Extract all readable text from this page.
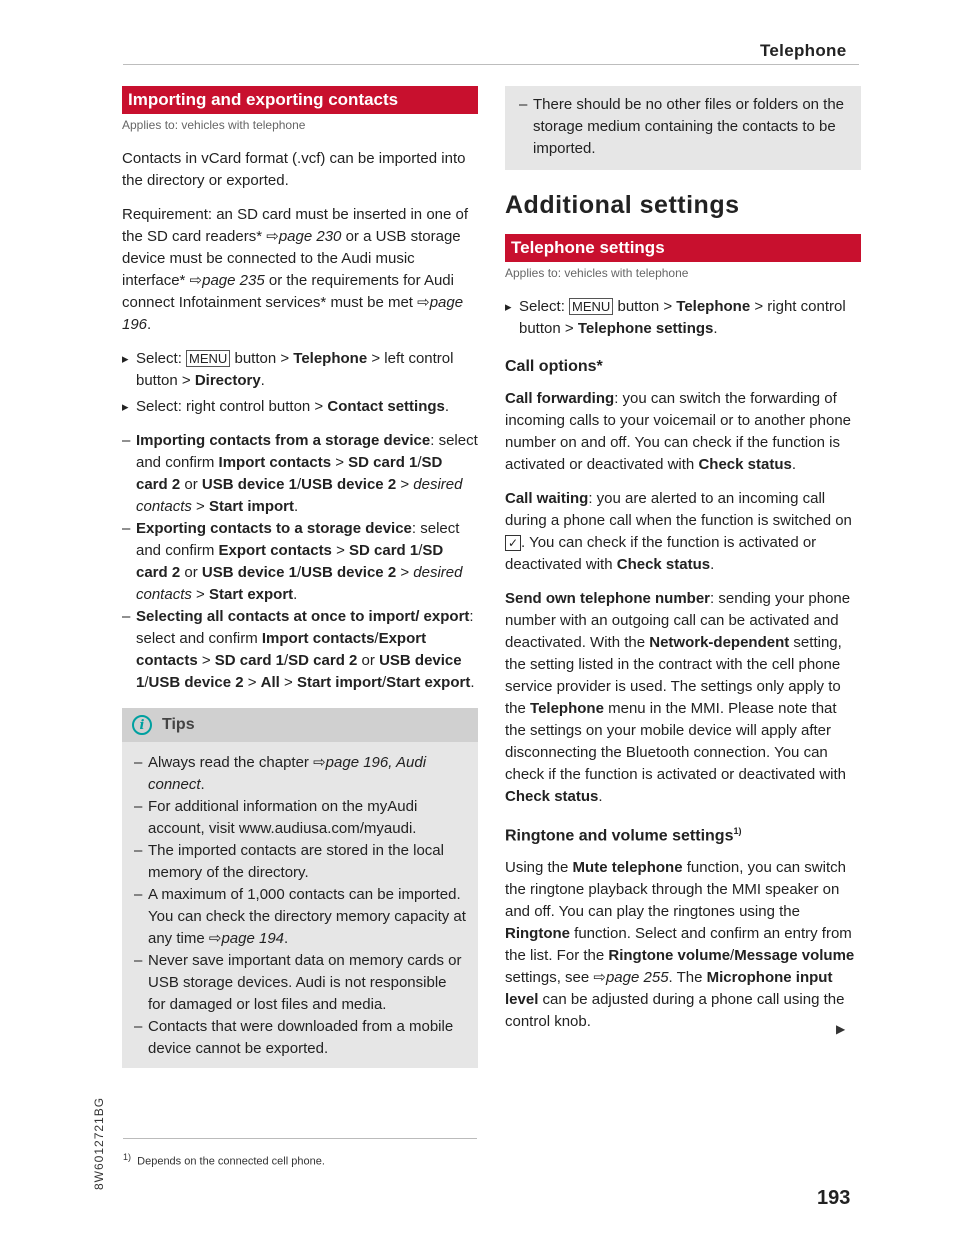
Telephone
Importing and exporting contacts
Applies to: vehicles with telephone

Contacts in vCard format (.vcf) can be imported into the directory or exported.

Requirement: an SD card must be inserted in one of the SD card readers* ⇨page 230 or a USB storage device must be connected to the Audi music interface* ⇨page 235 or the requirements for Audi connect Infotainment services* must be met ⇨page 196.

▸ Select: MENU button > Telephone > left control button > Directory.
▸ Select: right control button > Contact settings.
– Importing contacts from a storage device: select and confirm Import contacts > SD card 1/SD card 2 or USB device 1/USB device 2 > desired contacts > Start import.
– Exporting contacts to a storage device: select and confirm Export contacts > SD card 1/SD card 2 or USB device 1/USB device 2 > desired contacts > Start export.
– Selecting all contacts at once to import/ export: select and confirm Import contacts/Export contacts > SD card 1/SD card 2 or USB device 1/USB device 2 > All > Start import/Start export.
i	Tips
– Always read the chapter ⇨page 196, Audi connect.
– For additional information on the myAudi account, visit www.audiusa.com/myaudi.
– The imported contacts are stored in the local memory of the directory.
– A maximum of 1,000 contacts can be imported. You can check the directory memory capacity at any time ⇨page 194.
– Never save important data on memory cards or USB storage devices. Audi is not responsible for damaged or lost files and media.
– Contacts that were downloaded from a mobile device cannot be exported.
– There should be no other files or folders on the storage medium containing the contacts to be imported.
Additional settings
Telephone settings
Applies to: vehicles with telephone
▸ Select: MENU button > Telephone > right control button > Telephone settings.
Call options*

Call forwarding: you can switch the forwarding of incoming calls to your voicemail or to another phone number on and off. You can check if the function is activated or deactivated with Check status.

Call waiting: you are alerted to an incoming call during a phone call when the function is switched on ✓ . You can check if the function is activated or deactivated with Check status.

Send own telephone number: sending your phone number with an outgoing call can be activated and deactivated. With the Network-dependent setting, the setting listed in the contract with the cell phone service provider is used. The settings only apply to the Telephone menu in the MMI. Please note that the settings on your mobile device will apply after disconnecting the Bluetooth connection. You can check if the function is activated or deactivated with Check status.

Ringtone and volume settings$^{1)}$

Using the Mute telephone function, you can switch the ringtone playback through the MMI speaker on and off. You can play the ringtones using the Ringtone function. Select and confirm an entry from the list. For the Ringtone volume/Message volume settings, see ⇨page 255. The Microphone input level can be adjusted during a phone call using the control knob.	▶
$^{1)}$ Depends on the connected cell phone.
8W6012721BG
193
